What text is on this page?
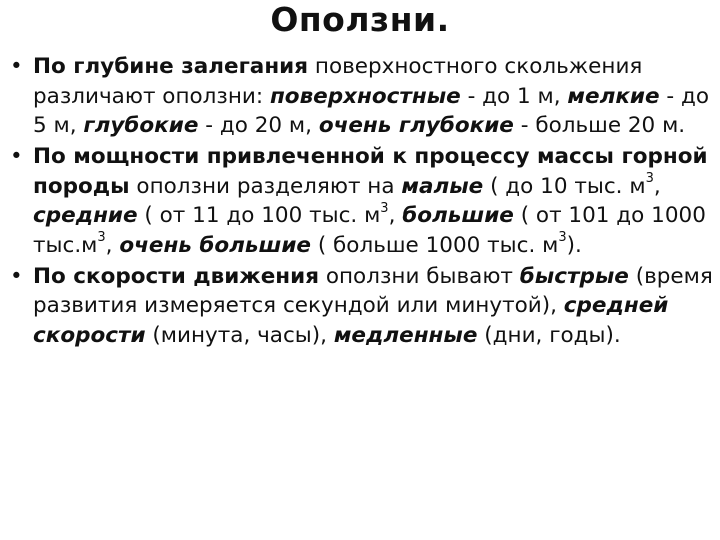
Оползни.
• По глубине залегания поверхностного скольжения различают оползни: поверхностные - до 1 м, мелкие - до 5 м, глубокие - до 20 м, очень глубокие - больше 20 м.
• По мощности привлеченной к процессу массы горной породы оползни разделяют на малые ( до 10 тыс. $м^3$, средние ( от 11 до 100 тыс. $м^3$, большие ( от 101 до 1000 $тыс.м^3$, очень большие ( больше 1000 тыс. $м^3$).
• По скорости движения оползни бывают быстрые (время развития измеряется секундой или минутой), средней скорости (минута, часы), медленные (дни, годы).
